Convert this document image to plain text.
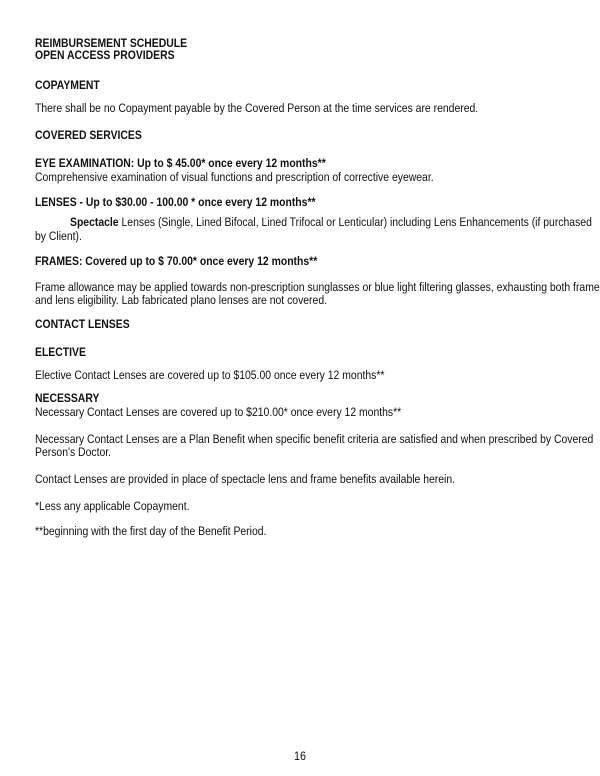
REIMBURSEMENT SCHEDULE
OPEN ACCESS PROVIDERS
COPAYMENT
There shall be no Copayment payable by the Covered Person at the time services are rendered.
COVERED SERVICES
EYE EXAMINATION: Up to $ 45.00* once every 12 months**
Comprehensive examination of visual functions and prescription of corrective eyewear.
LENSES - Up to $30.00 - 100.00 * once every 12 months**
Spectacle Lenses (Single, Lined Bifocal, Lined Trifocal or Lenticular) including Lens Enhancements (if purchased
by Client).
FRAMES: Covered up to $ 70.00* once every 12 months**
Frame allowance may be applied towards non-prescription sunglasses or blue light filtering glasses, exhausting both frame
and lens eligibility. Lab fabricated plano lenses are not covered.
CONTACT LENSES
ELECTIVE
Elective Contact Lenses are covered up to $105.00 once every 12 months**
NECESSARY
Necessary Contact Lenses are covered up to $210.00* once every 12 months**
Necessary Contact Lenses are a Plan Benefit when specific benefit criteria are satisfied and when prescribed by Covered
Person's Doctor.
Contact Lenses are provided in place of spectacle lens and frame benefits available herein.
*Less any applicable Copayment.
**beginning with the first day of the Benefit Period.
16
